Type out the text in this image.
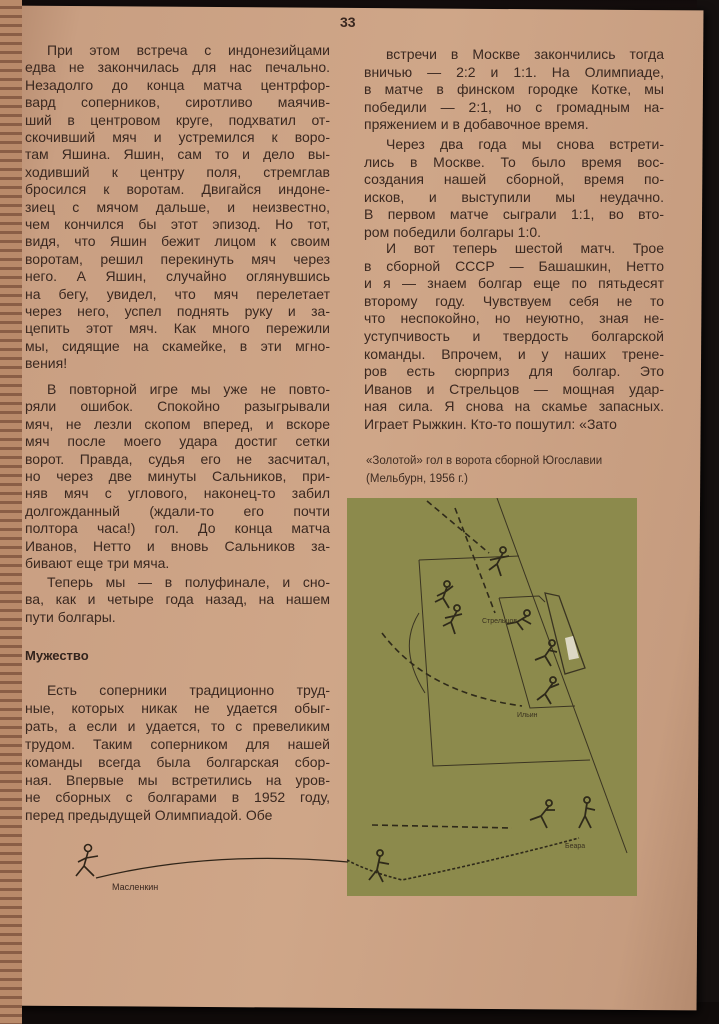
33
При этом встреча с индонезийцами
едва не закончилась для нас печально.
Незадолго до конца матча центрфор-
вард соперников, сиротливо маячив-
ший в центровом круге, подхватил от-
скочивший мяч и устремился к воро-
там Яшина. Яшин, сам то и дело вы-
ходивший к центру поля, стремглав
бросился к воротам. Двигайся индоне-
зиец с мячом дальше, и неизвестно,
чем кончился бы этот эпизод. Но тот,
видя, что Яшин бежит лицом к своим
воротам, решил перекинуть мяч через
него. А Яшин, случайно оглянувшись
на бегу, увидел, что мяч перелетает
через него, успел поднять руку и за-
цепить этот мяч. Как много пережили
мы, сидящие на скамейке, в эти мгно-
вения!
В повторной игре мы уже не повто-
ряли ошибок. Спокойно разыгрывали
мяч, не лезли скопом вперед, и вскоре
мяч после моего удара достиг сетки
ворот. Правда, судья его не засчитал,
но через две минуты Сальников, при-
няв мяч с углового, наконец-то забил
долгожданный (ждали-то его почти
полтора часа!) гол. До конца матча
Иванов, Нетто и вновь Сальников за-
бивают еще три мяча.
Теперь мы — в полуфинале, и сно-
ва, как и четыре года назад, на нашем
пути болгары.
Есть соперники традиционно труд-
ные, которых никак не удается обыг-
рать, а если и удается, то с превеликим
трудом. Таким соперником для нашей
команды всегда была болгарская сбор-
ная. Впервые мы встретились на уров-
не сборных с болгарами в 1952 году,
перед предыдущей Олимпиадой. Обе
Мужество
встречи в Москве закончились тогда
вничью — 2:2 и 1:1. На Олимпиаде,
в матче в финском городке Котке, мы
победили — 2:1, но с громадным на-
пряжением и в добавочное время.
Через два года мы снова встрети-
лись в Москве. То было время вос-
создания нашей сборной, время по-
исков, и выступили мы неудачно.
В первом матче сыграли 1:1, во вто-
ром победили болгары 1:0.
И вот теперь шестой матч. Трое
в сборной СССР — Башашкин, Нетто
и я — знаем болгар еще по пятьдесят
второму году. Чувствуем себя не то
что неспокойно, но неуютно, зная не-
уступчивость и твердость болгарской
команды. Впрочем, и у наших трене-
ров есть сюрприз для болгар. Это
Иванов и Стрельцов — мощная удар-
ная сила. Я снова на скамье запасных.
Играет Рыжкин. Кто-то пошутил: «Зато
«Золотой» гол в ворота сборной Югославии
(Мельбурн, 1956 г.)
Стрельцов
Ильин
Беара
Масленкин
